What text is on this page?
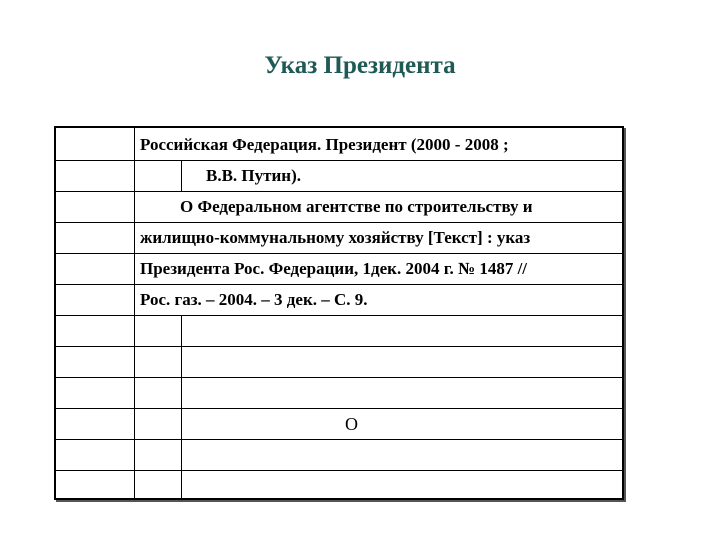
Указ Президента
Российская Федерация. Президент (2000 - 2008 ;
В.В. Путин).
О Федеральном агентстве по строительству и
жилищно-коммунальному хозяйству [Текст] : указ
Президента Рос. Федерации, 1дек. 2004 г. № 1487 //
Рос. газ. – 2004. – 3 дек. – С. 9.
О
